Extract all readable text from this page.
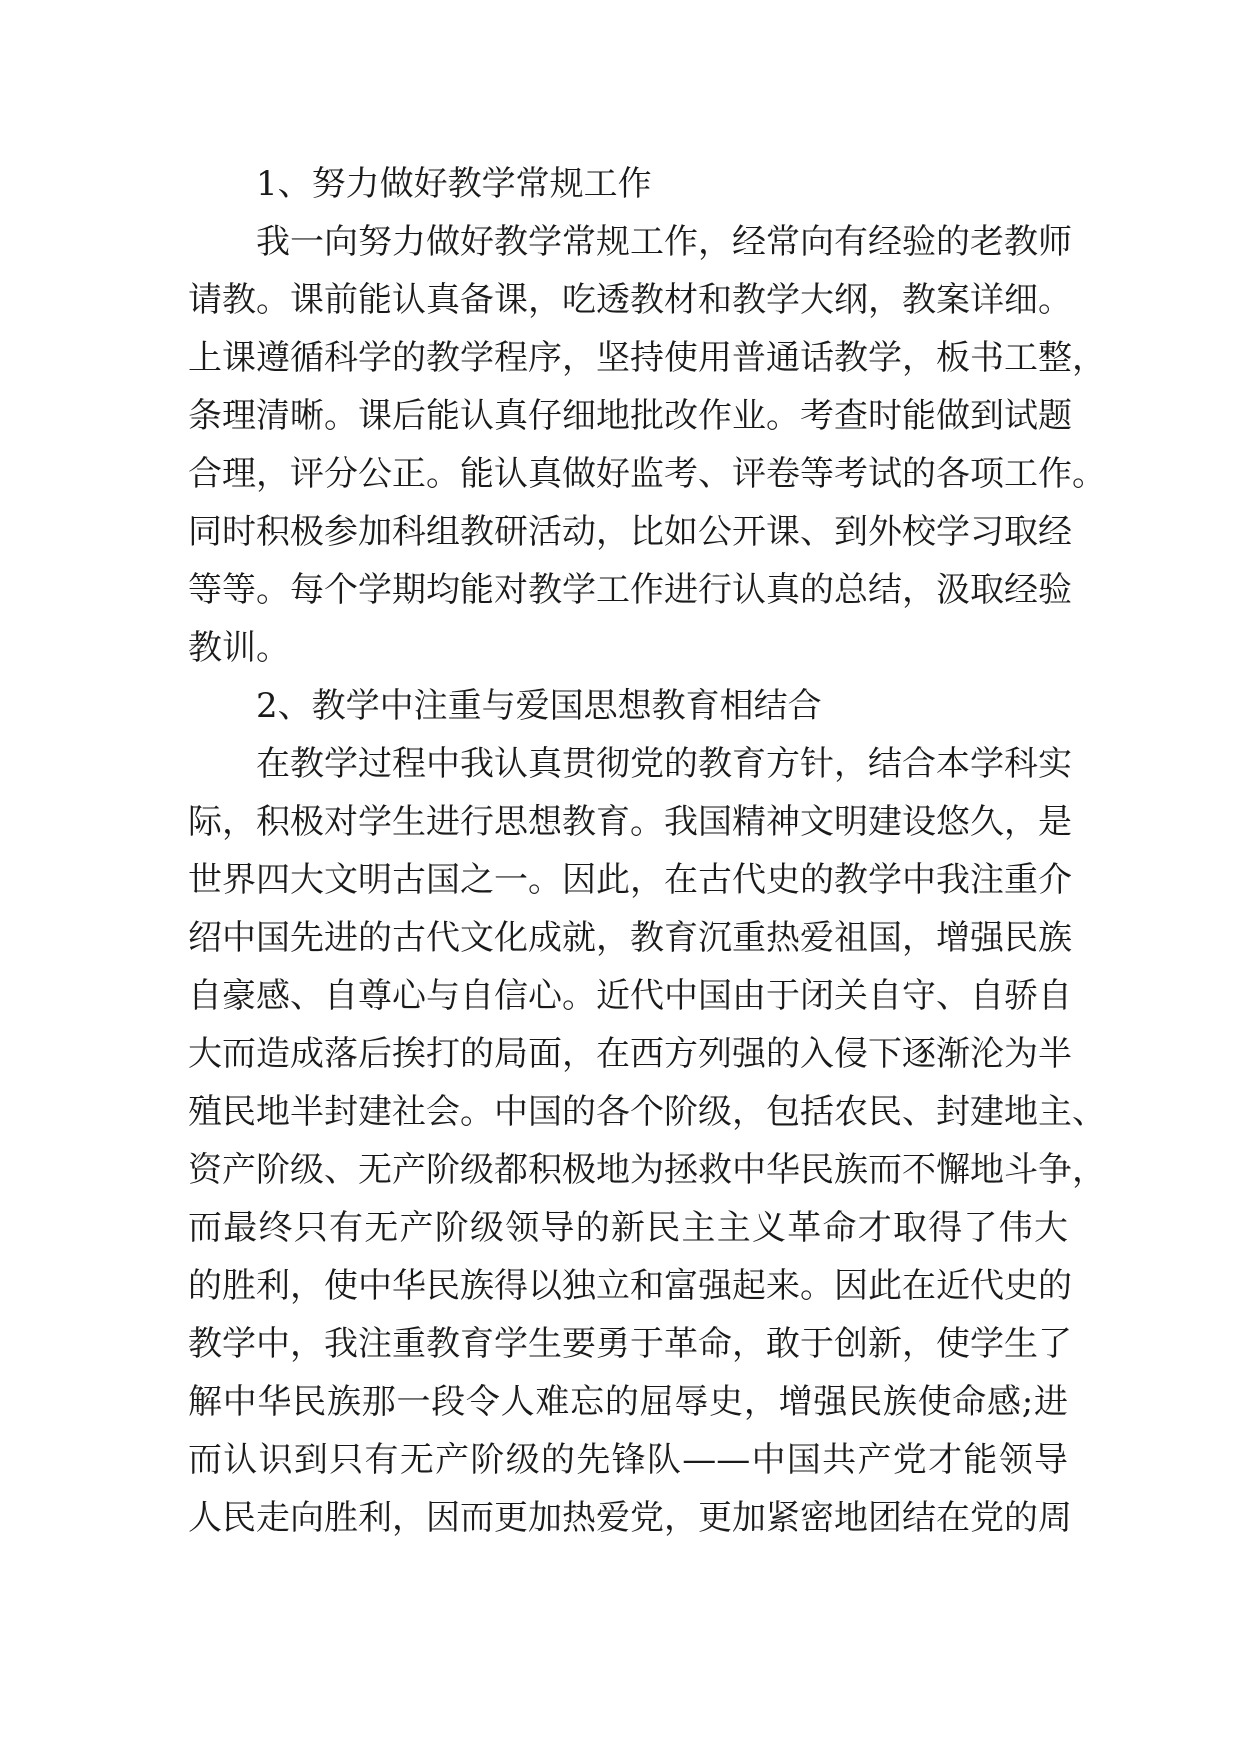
1、努力做好教学常规工作
我一向努力做好教学常规工作，经常向有经验的老教师
请教。课前能认真备课，吃透教材和教学大纲，教案详细。
上课遵循科学的教学程序，坚持使用普通话教学，板书工整，
条理清晰。课后能认真仔细地批改作业。考查时能做到试题
合理，评分公正。能认真做好监考、评卷等考试的各项工作。
同时积极参加科组教研活动，比如公开课、到外校学习取经
等等。每个学期均能对教学工作进行认真的总结，汲取经验
教训。
2、教学中注重与爱国思想教育相结合
在教学过程中我认真贯彻党的教育方针，结合本学科实
际，积极对学生进行思想教育。我国精神文明建设悠久，是
世界四大文明古国之一。因此，在古代史的教学中我注重介
绍中国先进的古代文化成就，教育沉重热爱祖国，增强民族
自豪感、自尊心与自信心。近代中国由于闭关自守、自骄自
大而造成落后挨打的局面，在西方列强的入侵下逐渐沦为半
殖民地半封建社会。中国的各个阶级，包括农民、封建地主、
资产阶级、无产阶级都积极地为拯救中华民族而不懈地斗争，
而最终只有无产阶级领导的新民主主义革命才取得了伟大
的胜利，使中华民族得以独立和富强起来。因此在近代史的
教学中，我注重教育学生要勇于革命，敢于创新，使学生了
解中华民族那一段令人难忘的屈辱史，增强民族使命感;进
而认识到只有无产阶级的先锋队——中国共产党才能领导
人民走向胜利，因而更加热爱党，更加紧密地团结在党的周
